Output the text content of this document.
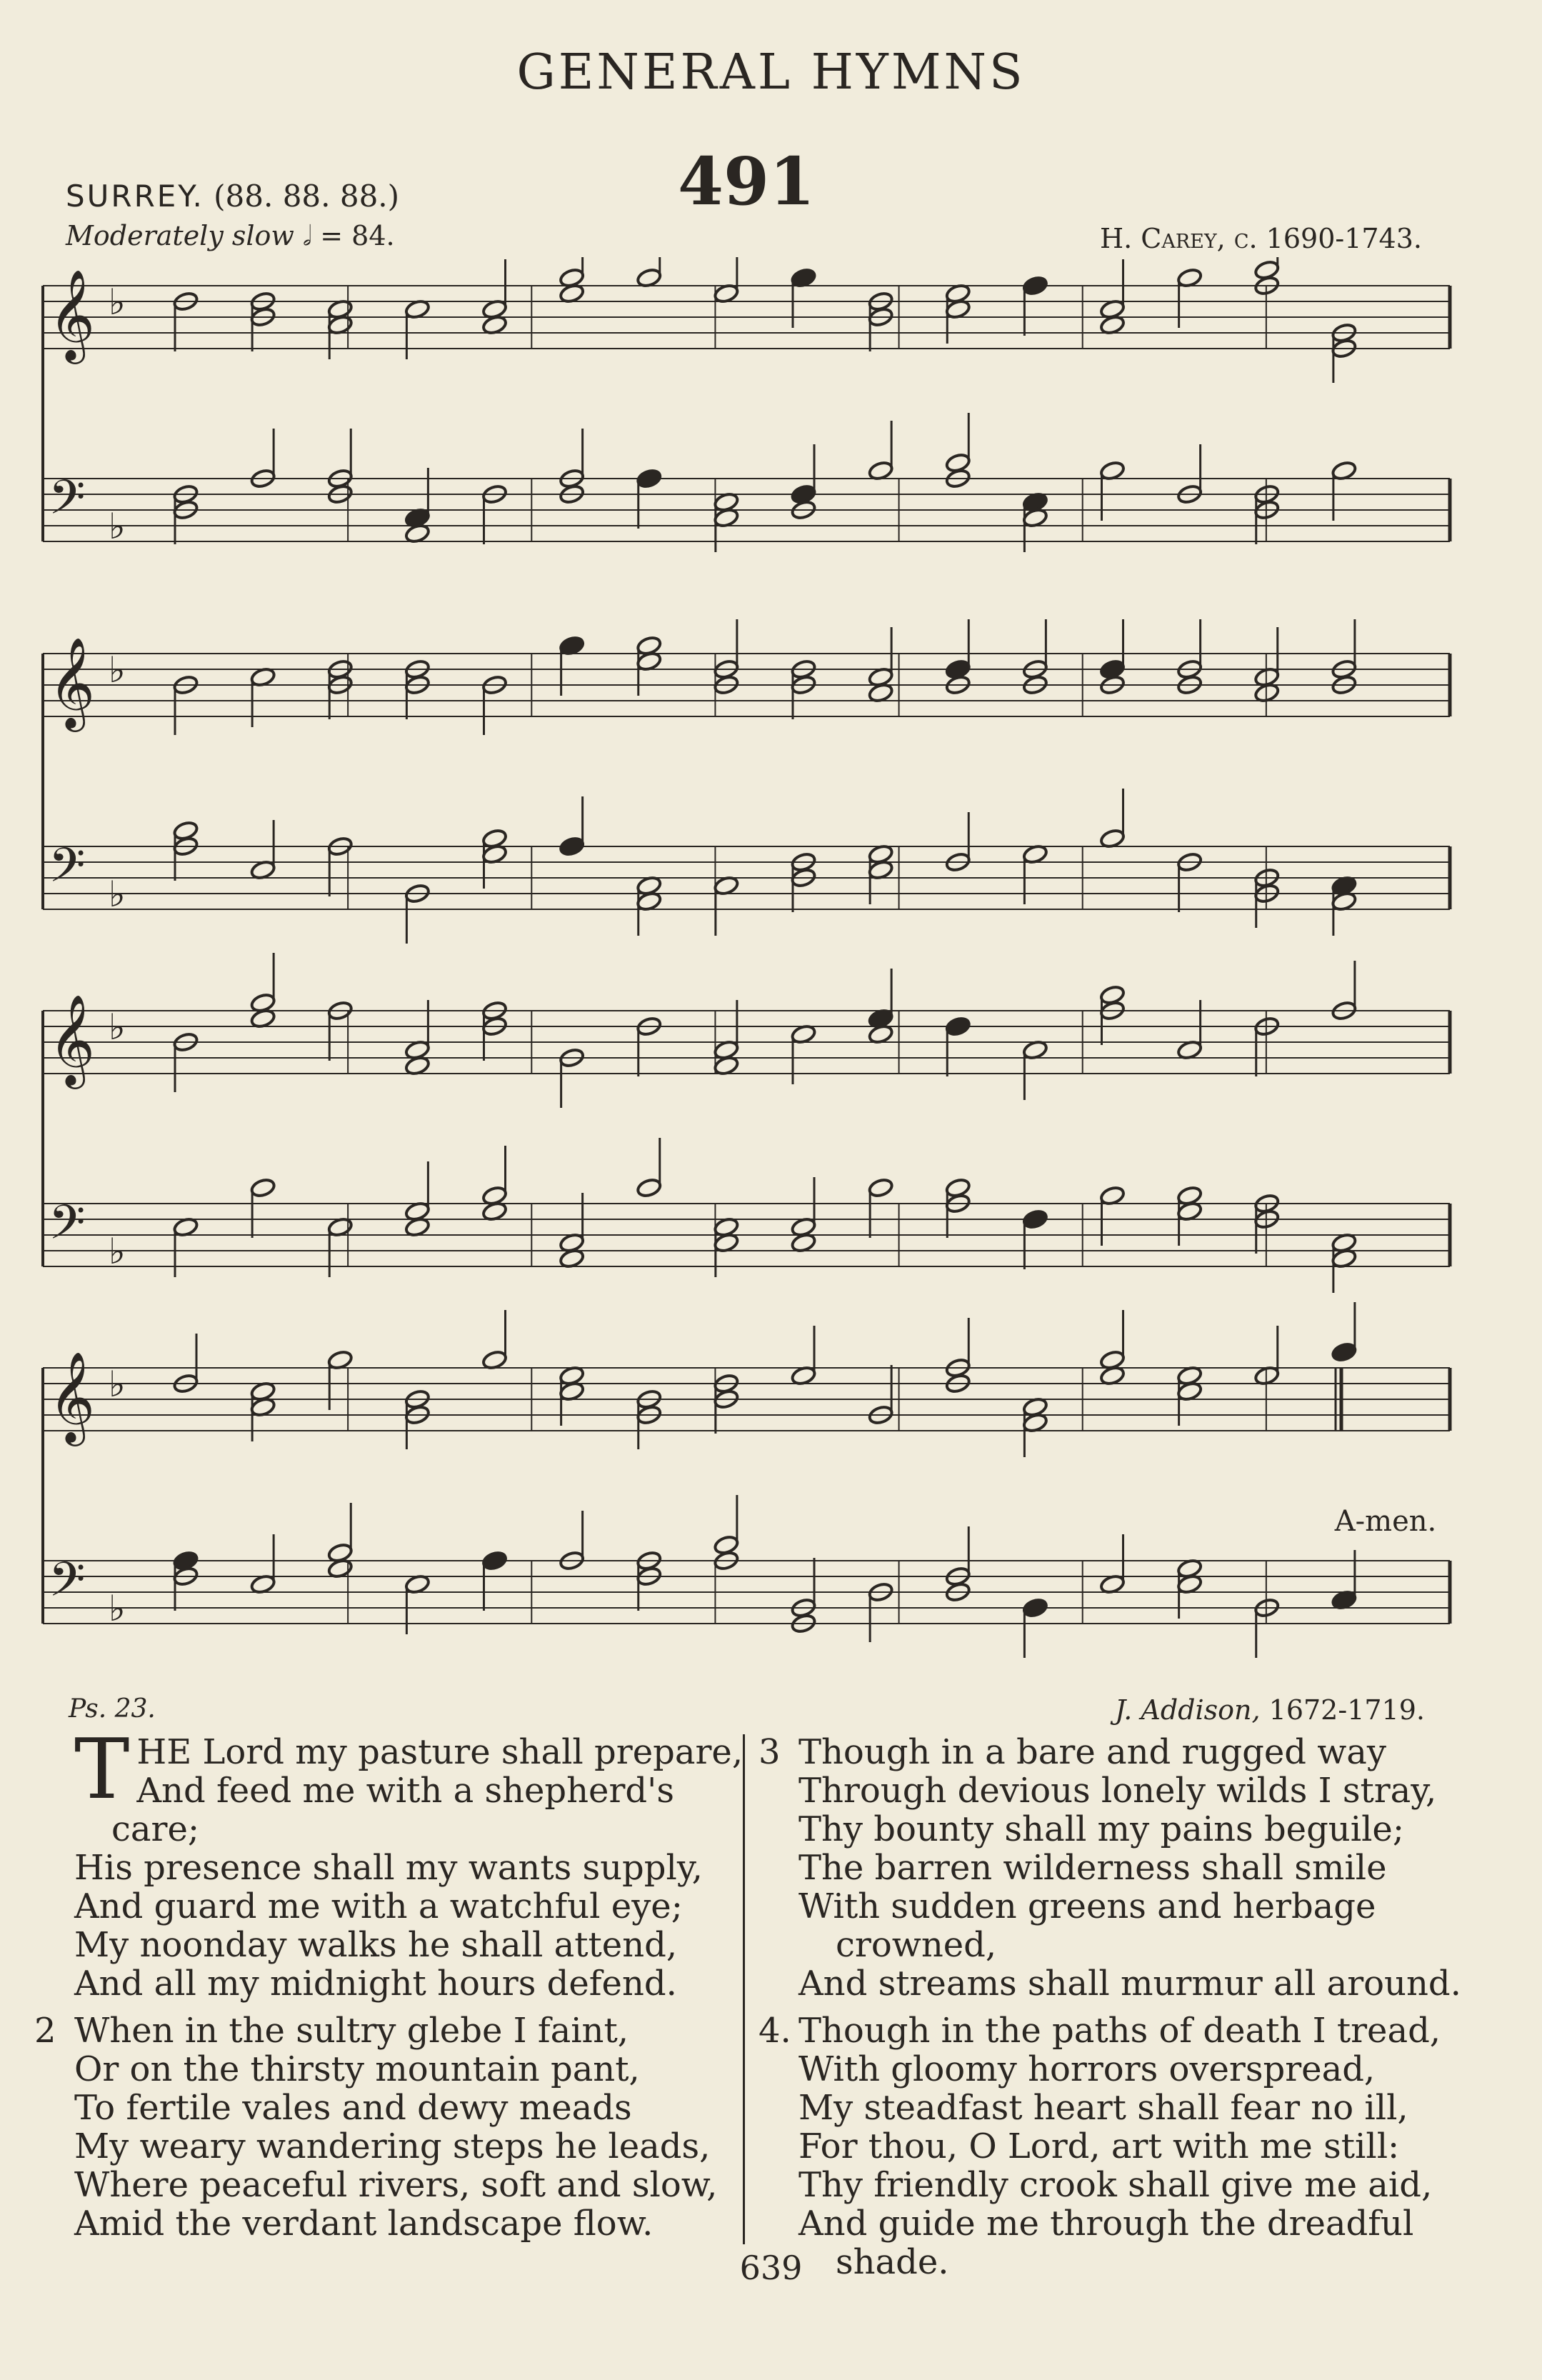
GENERAL HYMNS
491
SURREY. (88. 88. 88.)
Moderately slow 𝅗𝅥 = 84.	H. Carey, c. 1690-1743.
𝄞 ♭
𝄢 ♭
𝄞 ♭
𝄢 ♭
𝄞 ♭
𝄢 ♭
𝄞 ♭
𝄢 ♭
A-men.
Ps. 23.	J. Addison, 1672-1719.
T HE Lord my pasture shall prepare,
And feed me with a shepherd's
care;
His presence shall my wants supply,
And guard me with a watchful eye;
My noonday walks he shall attend,
And all my midnight hours defend.
2 When in the sultry glebe I faint,
Or on the thirsty mountain pant,
To fertile vales and dewy meads
My weary wandering steps he leads,
Where peaceful rivers, soft and slow,
Amid the verdant landscape flow.
3 Though in a bare and rugged way
Through devious lonely wilds I stray,
Thy bounty shall my pains beguile;
The barren wilderness shall smile
With sudden greens and herbage
crowned,
And streams shall murmur all around.
4. Though in the paths of death I tread,
With gloomy horrors overspread,
My steadfast heart shall fear no ill,
For thou, O Lord, art with me still:
Thy friendly crook shall give me aid,
And guide me through the dreadful
shade.
639
